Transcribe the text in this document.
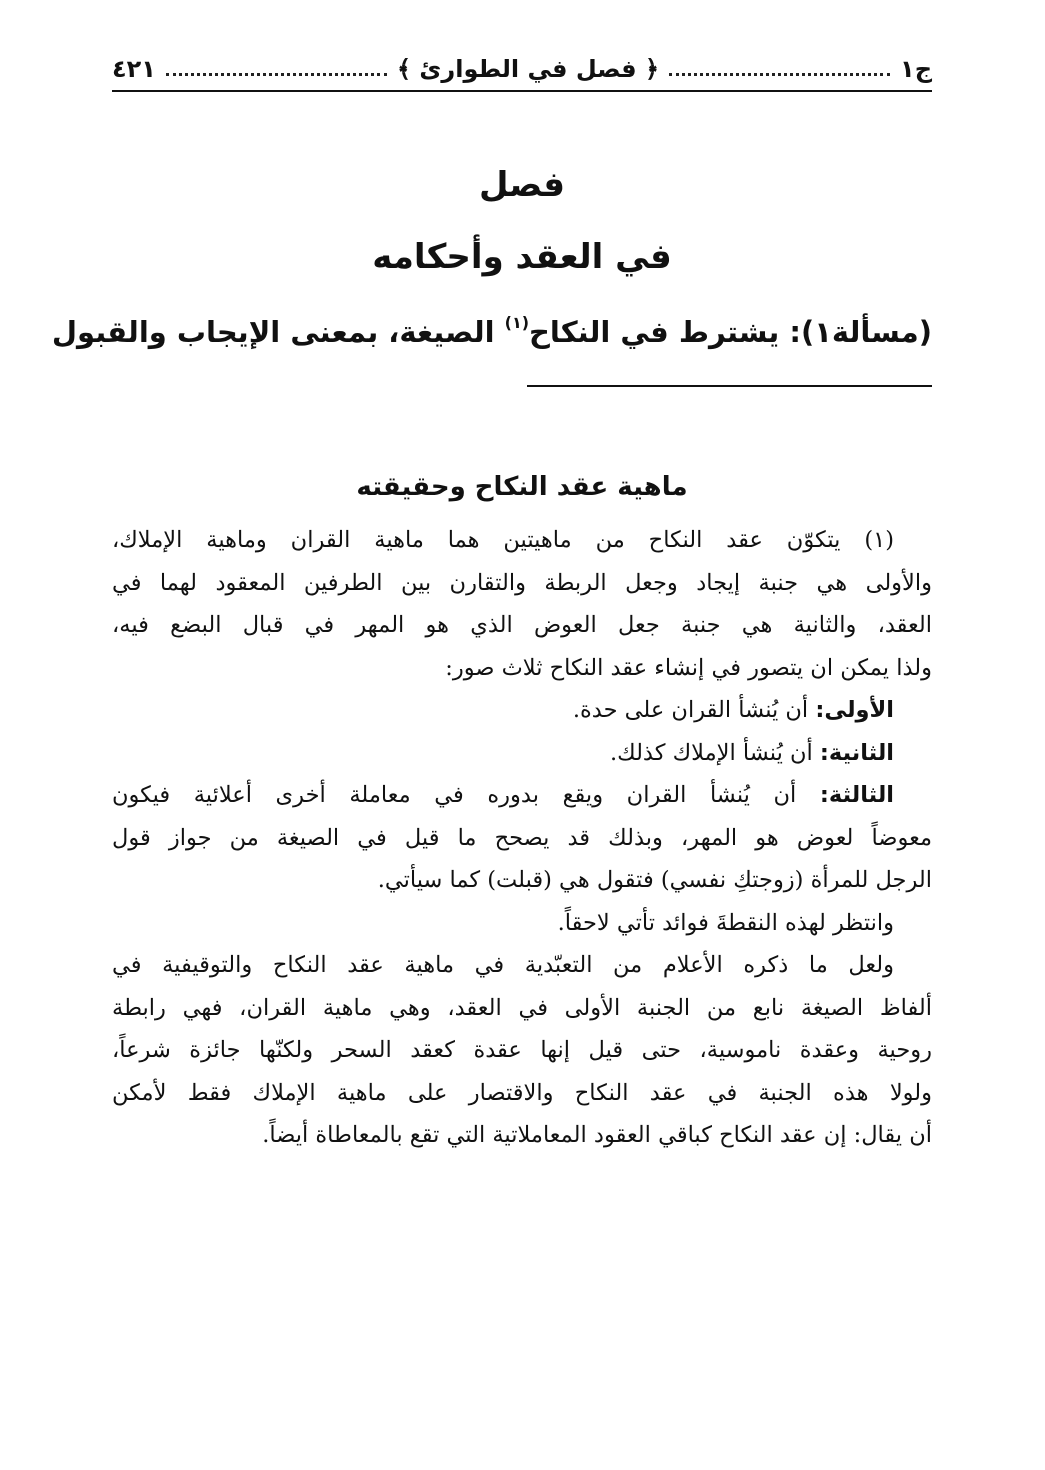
ج١
﴿ فصل في الطوارئ ﴾
٤٢١
فصل
في العقد وأحكامه
(مسألة١): يشترط في النكاح$^{(١)}$ الصيغة، بمعنى الإيجاب والقبول
ماهية عقد النكاح وحقيقته

(١) يتكوّن عقد النكاح من ماهيتين هما ماهية القران وماهية الإملاك،
والأولى هي جنبة إيجاد وجعل الربطة والتقارن بين الطرفين المعقود لهما في
العقد، والثانية هي جنبة جعل العوض الذي هو المهر في قبال البضع فيه،
ولذا يمكن ان يتصور في إنشاء عقد النكاح ثلاث صور:

الأولى: أن يُنشأ القران على حدة.

الثانية: أن يُنشأ الإملاك كذلك.

الثالثة: أن يُنشأ القران ويقع بدوره في معاملة أخرى أعلائية فيكون
معوضاً لعوض هو المهر، وبذلك قد يصحح ما قيل في الصيغة من جواز قول
الرجل للمرأة (زوجتكِ نفسي) فتقول هي (قبلت) كما سيأتي.

وانتظر لهذه النقطةَ فوائد تأتي لاحقاً.

ولعل ما ذكره الأعلام من التعبّدية في ماهية عقد النكاح والتوقيفية في
ألفاظ الصيغة نابع من الجنبة الأولى في العقد، وهي ماهية القران، فهي رابطة
روحية وعقدة ناموسية، حتى قيل إنها عقدة كعقد السحر ولكنّها جائزة شرعاً،
ولولا هذه الجنبة في عقد النكاح والاقتصار على ماهية الإملاك فقط لأمكن
أن يقال: إن عقد النكاح كباقي العقود المعاملاتية التي تقع بالمعاطاة أيضاً.
